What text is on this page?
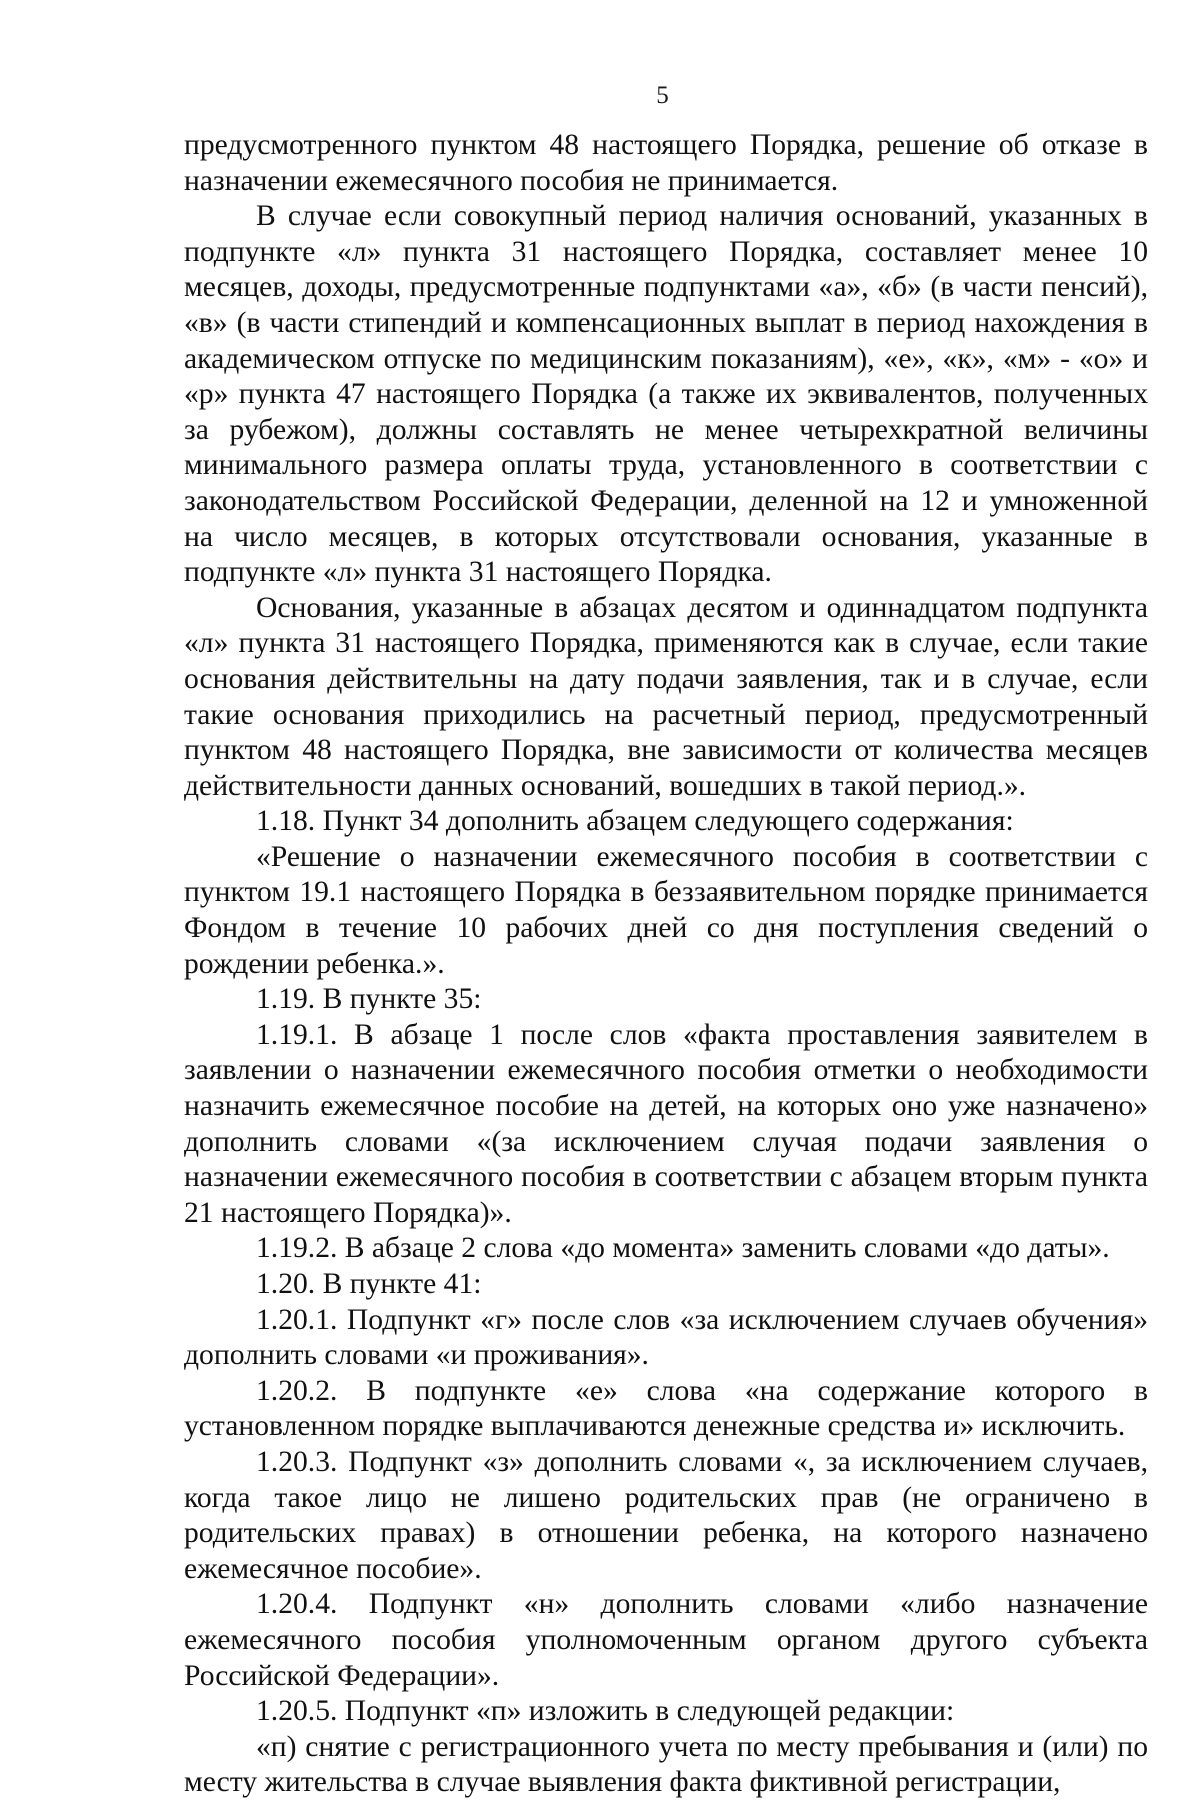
5

предусмотренного пунктом 48 настоящего Порядка, решение об отказе в назначении ежемесячного пособия не принимается.

В случае если совокупный период наличия оснований, указанных в подпункте «л» пункта 31 настоящего Порядка, составляет менее 10 месяцев, доходы, предусмотренные подпунктами «а», «б» (в части пенсий), «в» (в части стипендий и компенсационных выплат в период нахождения в академическом отпуске по медицинским показаниям), «е», «к», «м» - «о» и «р» пункта 47 настоящего Порядка (а также их эквивалентов, полученных за рубежом), должны составлять не менее четырехкратной величины минимального размера оплаты труда, установленного в соответствии с законодательством Российской Федерации, деленной на 12 и умноженной на число месяцев, в которых отсутствовали основания, указанные в подпункте «л» пункта 31 настоящего Порядка.

Основания, указанные в абзацах десятом и одиннадцатом подпункта «л» пункта 31 настоящего Порядка, применяются как в случае, если такие основания действительны на дату подачи заявления, так и в случае, если такие основания приходились на расчетный период, предусмотренный пунктом 48 настоящего Порядка, вне зависимости от количества месяцев действительности данных оснований, вошедших в такой период.».

1.18. Пункт 34 дополнить абзацем следующего содержания:

«Решение о назначении ежемесячного пособия в соответствии с пунктом 19.1 настоящего Порядка в беззаявительном порядке принимается Фондом в течение 10 рабочих дней со дня поступления сведений о рождении ребенка.».

1.19. В пункте 35:

1.19.1. В абзаце 1 после слов «факта проставления заявителем в заявлении о назначении ежемесячного пособия отметки о необходимости назначить ежемесячное пособие на детей, на которых оно уже назначено» дополнить словами «(за исключением случая подачи заявления о назначении ежемесячного пособия в соответствии с абзацем вторым пункта 21 настоящего Порядка)».

1.19.2. В абзаце 2 слова «до момента» заменить словами «до даты».

1.20. В пункте 41:

1.20.1. Подпункт «г» после слов «за исключением случаев обучения» дополнить словами «и проживания».

1.20.2. В подпункте «е» слова «на содержание которого в установленном порядке выплачиваются денежные средства и» исключить.

1.20.3. Подпункт «з» дополнить словами «, за исключением случаев, когда такое лицо не лишено родительских прав (не ограничено в родительских правах) в отношении ребенка, на которого назначено ежемесячное пособие».

1.20.4. Подпункт «н» дополнить словами «либо назначение ежемесячного пособия уполномоченным органом другого субъекта Российской Федерации».

1.20.5. Подпункт «п» изложить в следующей редакции:

«п) снятие с регистрационного учета по месту пребывания и (или) по месту жительства в случае выявления факта фиктивной регистрации,
